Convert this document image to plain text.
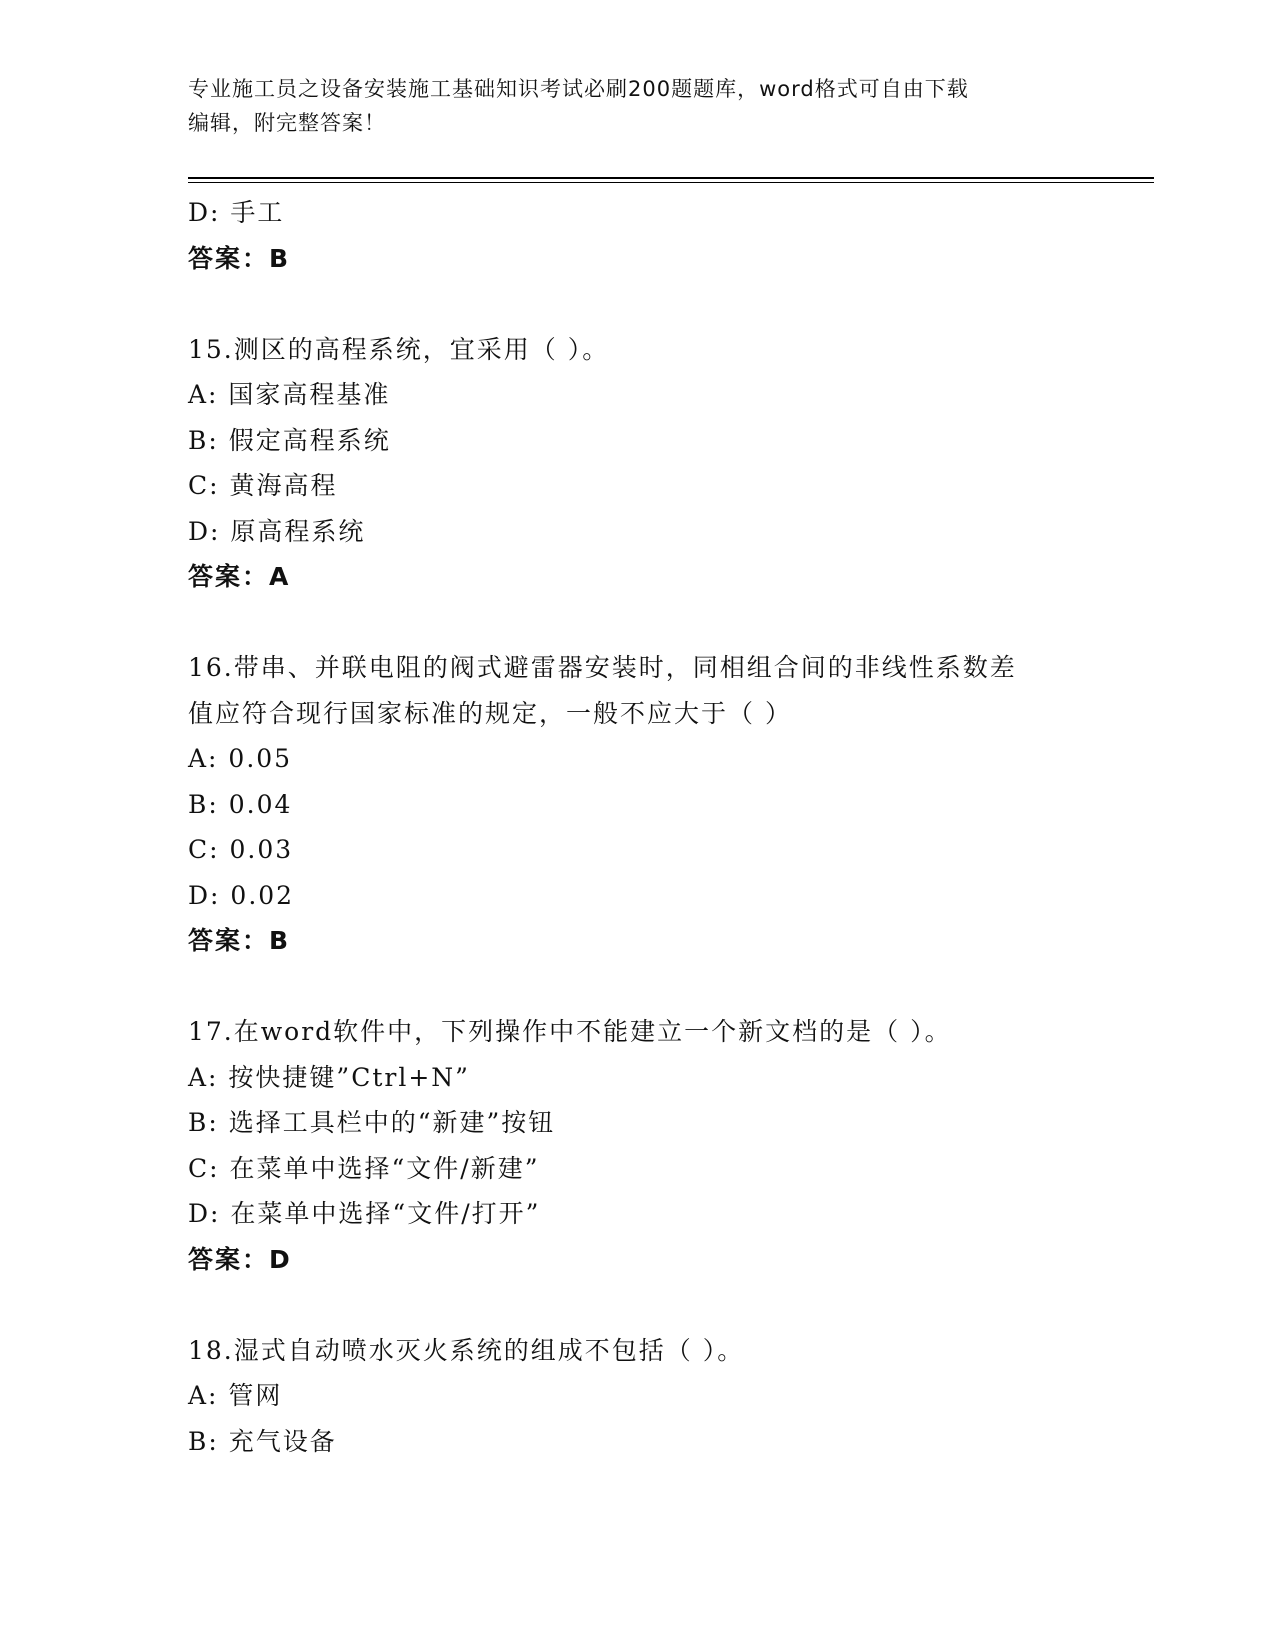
专业施工员之设备安装施工基础知识考试必刷200题题库，word格式可自由下载
编辑，附完整答案！
D: 手工
答案：B
15.测区的高程系统，宜采用（ ）。
A: 国家高程基准
B: 假定高程系统
C: 黄海高程
D: 原高程系统
答案：A
16.带串、并联电阻的阀式避雷器安装时，同相组合间的非线性系数差
值应符合现行国家标准的规定，一般不应大于（ ）
A: 0.05
B: 0.04
C: 0.03
D: 0.02
答案：B
17.在word软件中，下列操作中不能建立一个新文档的是（ ）。
A: 按快捷键”Ctrl+N”
B: 选择工具栏中的“新建”按钮
C: 在菜单中选择“文件/新建”
D: 在菜单中选择“文件/打开”
答案：D
18.湿式自动喷水灭火系统的组成不包括（ ）。
A: 管网
B: 充气设备
